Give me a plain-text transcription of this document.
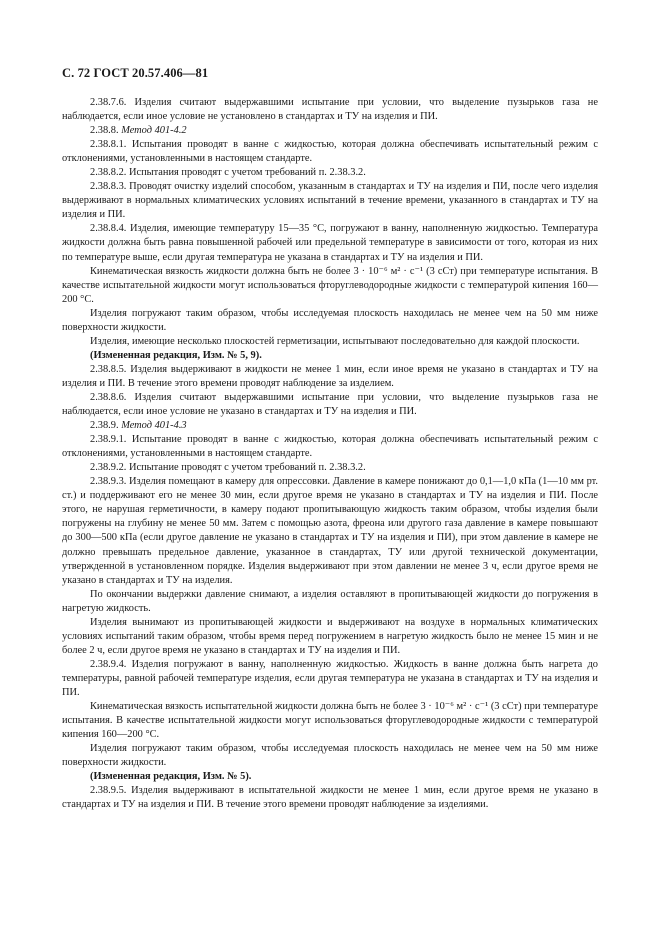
С. 72 ГОСТ 20.57.406—81

2.38.7.6. Изделия считают выдержавшими испытание при условии, что выделение пузырьков газа не наблюдается, если иное условие не установлено в стандартах и ТУ на изделия и ПИ.

2.38.8. Метод 401-4.2

2.38.8.1. Испытания проводят в ванне с жидкостью, которая должна обеспечивать испытательный режим с отклонениями, установленными в настоящем стандарте.

2.38.8.2. Испытания проводят с учетом требований п. 2.38.3.2.

2.38.8.3. Проводят очистку изделий способом, указанным в стандартах и ТУ на изделия и ПИ, после чего изделия выдерживают в нормальных климатических условиях испытаний в течение времени, указанного в стандартах и ТУ на изделия и ПИ.

2.38.8.4. Изделия, имеющие температуру 15—35 °С, погружают в ванну, наполненную жидкостью. Температура жидкости должна быть равна повышенной рабочей или предельной температуре в зависимости от того, которая из них по температуре выше, если другая температура не указана в стандартах и ТУ на изделия и ПИ.

Кинематическая вязкость жидкости должна быть не более 3 · 10⁻⁶ м² · с⁻¹ (3 сСт) при температуре испытания. В качестве испытательной жидкости могут использоваться фторуглеводородные жидкости с температурой кипения 160—200 °С.

Изделия погружают таким образом, чтобы исследуемая плоскость находилась не менее чем на 50 мм ниже поверхности жидкости.

Изделия, имеющие несколько плоскостей герметизации, испытывают последовательно для каждой плоскости.

(Измененная редакция, Изм. № 5, 9).

2.38.8.5. Изделия выдерживают в жидкости не менее 1 мин, если иное время не указано в стандартах и ТУ на изделия и ПИ. В течение этого времени проводят наблюдение за изделием.

2.38.8.6. Изделия считают выдержавшими испытание при условии, что выделение пузырьков газа не наблюдается, если иное условие не указано в стандартах и ТУ на изделия и ПИ.

2.38.9. Метод 401-4.3

2.38.9.1. Испытание проводят в ванне с жидкостью, которая должна обеспечивать испытательный режим с отклонениями, установленными в настоящем стандарте.

2.38.9.2. Испытание проводят с учетом требований п. 2.38.3.2.

2.38.9.3. Изделия помещают в камеру для опрессовки. Давление в камере понижают до 0,1—1,0 кПа (1—10 мм рт. ст.) и поддерживают его не менее 30 мин, если другое время не указано в стандартах и ТУ на изделия и ПИ. После этого, не нарушая герметичности, в камеру подают пропитывающую жидкость таким образом, чтобы изделия были погружены на глубину не менее 50 мм. Затем с помощью азота, фреона или другого газа давление в камере повышают до 300—500 кПа (если другое давление не указано в стандартах и ТУ на изделия и ПИ), при этом давление в камере не должно превышать предельное давление, указанное в стандартах, ТУ или другой технической документации, утвержденной в установленном порядке. Изделия выдерживают при этом давлении не менее 3 ч, если другое время не указано в стандартах и ТУ на изделия.

По окончании выдержки давление снимают, а изделия оставляют в пропитывающей жидкости до погружения в нагретую жидкость.

Изделия вынимают из пропитывающей жидкости и выдерживают на воздухе в нормальных климатических условиях испытаний таким образом, чтобы время перед погружением в нагретую жидкость было не менее 15 мин и не более 2 ч, если другое время не указано в стандартах и ТУ на изделия и ПИ.

2.38.9.4. Изделия погружают в ванну, наполненную жидкостью. Жидкость в ванне должна быть нагрета до температуры, равной рабочей температуре изделия, если другая температура не указана в стандартах и ТУ на изделия и ПИ.

Кинематическая вязкость испытательной жидкости должна быть не более 3 · 10⁻⁶ м² · с⁻¹ (3 сСт) при температуре испытания. В качестве испытательной жидкости могут использоваться фторуглеводородные жидкости с температурой кипения 160—200 °С.

Изделия погружают таким образом, чтобы исследуемая плоскость находилась не менее чем на 50 мм ниже поверхности жидкости.

(Измененная редакция, Изм. № 5).

2.38.9.5. Изделия выдерживают в испытательной жидкости не менее 1 мин, если другое время не указано в стандартах и ТУ на изделия и ПИ. В течение этого времени проводят наблюдение за изделиями.
